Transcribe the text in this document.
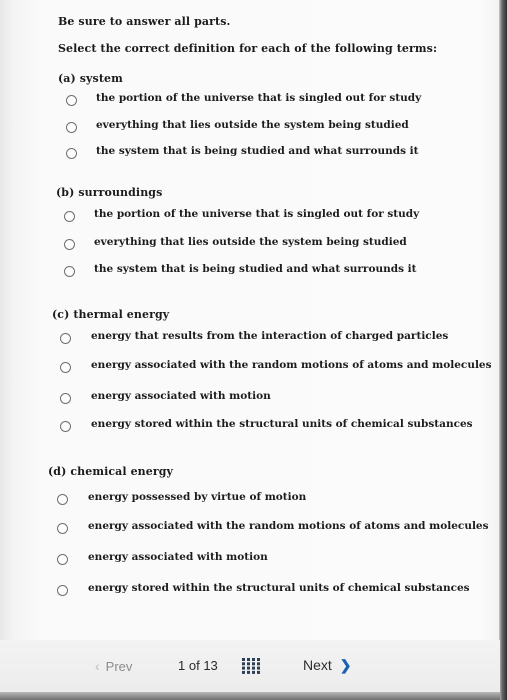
Be sure to answer all parts.
Select the correct definition for each of the following terms:
(a) system
the portion of the universe that is singled out for study
everything that lies outside the system being studied
the system that is being studied and what surrounds it
(b) surroundings
the portion of the universe that is singled out for study
everything that lies outside the system being studied
the system that is being studied and what surrounds it
(c) thermal energy
energy that results from the interaction of charged particles
energy associated with the random motions of atoms and molecules
energy associated with motion
energy stored within the structural units of chemical substances
(d) chemical energy
energy possessed by virtue of motion
energy associated with the random motions of atoms and molecules
energy associated with motion
energy stored within the structural units of chemical substances
‹ Prev	1 of 13	Next ❯
